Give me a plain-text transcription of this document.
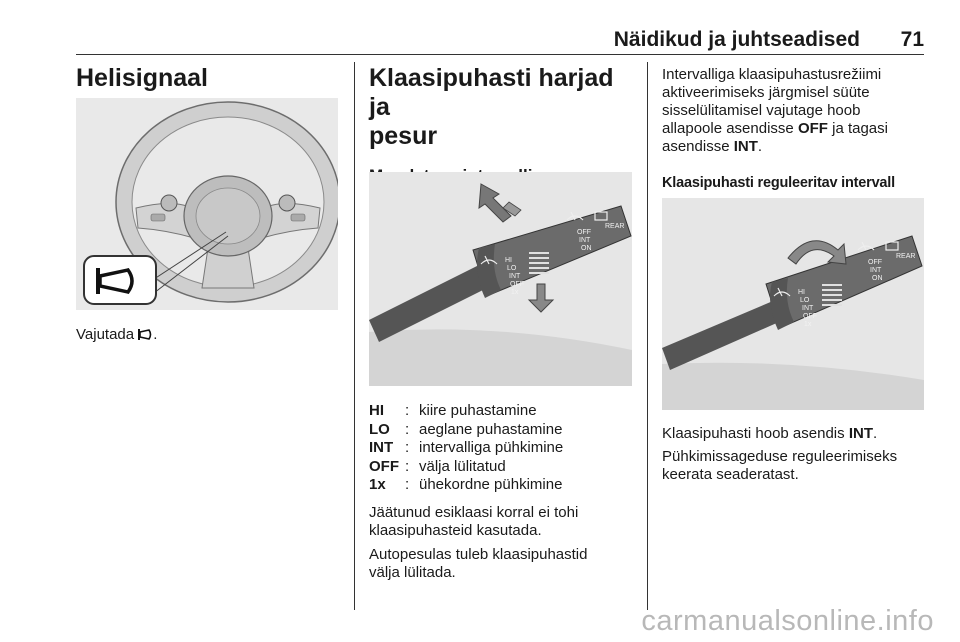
Näidikud ja juhtseadised 71
Helisignaal

Vajutada .

Klaasipuhasti harjad ja
pesur

HI
LO
INT
OFF
1x
OFF
INT
ON
REAR
HI	: kiire puhastamine
LO	: aeglane puhastamine
INT : intervalliga pühkimine
OFF : välja lülitatud
1x	: ühekordne pühkimine

Jäätunud esiklaasi korral ei tohi
klaasipuhasteid kasutada.

Autopesulas tuleb klaasipuhastid
välja lülitada.

Intervalliga klaasipuhastusrežiimi
aktiveerimiseks järgmisel süüte
sisselülitamisel vajutage hoob
allapoole asendisse OFF ja tagasi
asendisse INT.

Klaasipuhasti reguleeritav intervall
HI
LO
INT
OFF
1x
OFF
INT
ON
REAR

Klaasipuhasti hoob asendis INT.

Pühkimissageduse reguleerimiseks
keerata seaderatast.

carmanualsonline.info
